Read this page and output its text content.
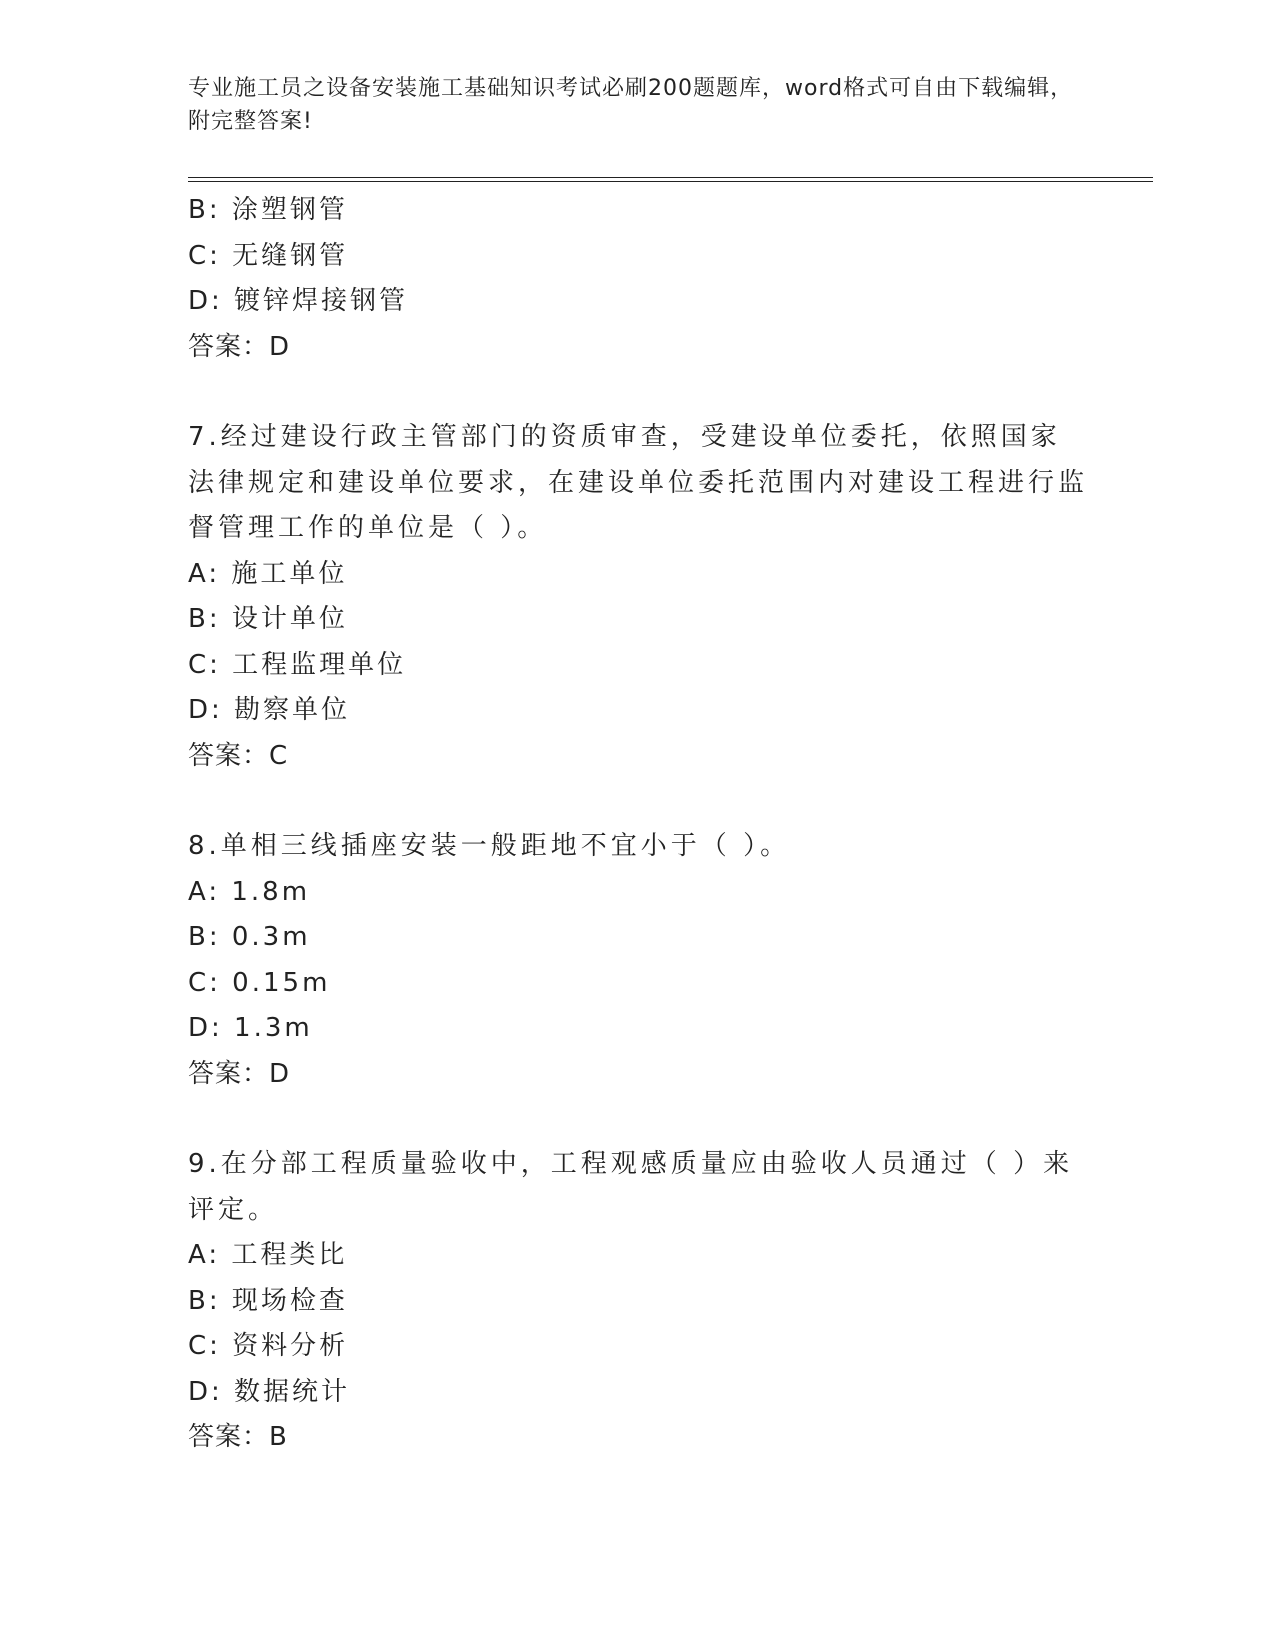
专业施工员之设备安装施工基础知识考试必刷200题题库，word格式可自由下载编辑，附完整答案!
B: 涂塑钢管
C: 无缝钢管
D: 镀锌焊接钢管
答案：D
7.经过建设行政主管部门的资质审查，受建设单位委托，依照国家法律规定和建设单位要求，在建设单位委托范围内对建设工程进行监督管理工作的单位是（ ）。
A: 施工单位
B: 设计单位
C: 工程监理单位
D: 勘察单位
答案：C
8.单相三线插座安装一般距地不宜小于（ ）。
A: 1.8m
B: 0.3m
C: 0.15m
D: 1.3m
答案：D
9.在分部工程质量验收中，工程观感质量应由验收人员通过（ ）来评定。
A: 工程类比
B: 现场检查
C: 资料分析
D: 数据统计
答案：B
